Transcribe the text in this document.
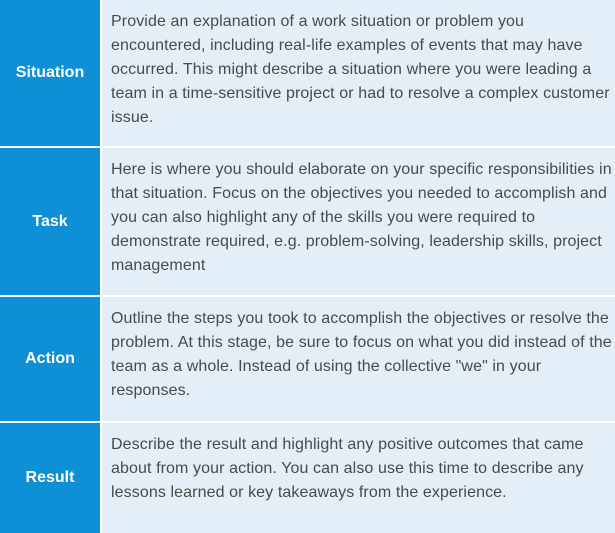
Situation
Provide an explanation of a work situation or problem you encountered, including real-life examples of events that may have occurred. This might describe a situation where you were leading a team in a time-sensitive project or had to resolve a complex customer issue.
Task
Here is where you should elaborate on your specific responsibilities in that situation. Focus on the objectives you needed to accomplish and you can also highlight any of the skills you were required to demonstrate required, e.g. problem-solving, leadership skills, project management
Action
Outline the steps you took to accomplish the objectives or resolve the problem. At this stage, be sure to focus on what you did instead of the team as a whole. Instead of using the collective "we" in your responses.
Result
Describe the result and highlight any positive outcomes that came about from your action. You can also use this time to describe any lessons learned or key takeaways from the experience.
